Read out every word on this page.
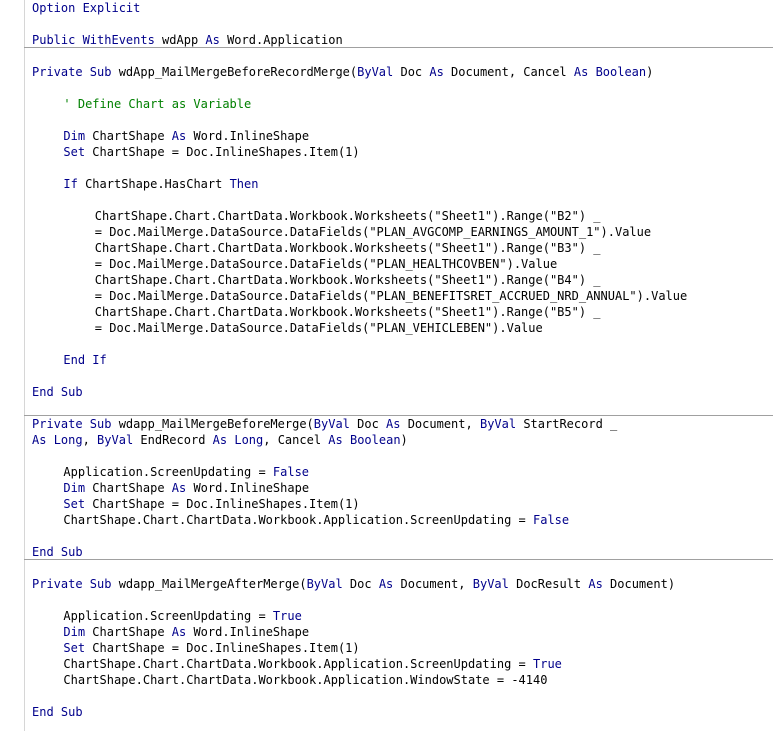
Option Explicit
Public WithEvents wdApp As Word.Application
Private Sub wdApp_MailMergeBeforeRecordMerge(ByVal Doc As Document, Cancel As Boolean)
' Define Chart as Variable
Dim ChartShape As Word.InlineShape
Set ChartShape = Doc.InlineShapes.Item(1)
If ChartShape.HasChart Then
ChartShape.Chart.ChartData.Workbook.Worksheets("Sheet1").Range("B2") _
= Doc.MailMerge.DataSource.DataFields("PLAN_AVGCOMP_EARNINGS_AMOUNT_1").Value
ChartShape.Chart.ChartData.Workbook.Worksheets("Sheet1").Range("B3") _
= Doc.MailMerge.DataSource.DataFields("PLAN_HEALTHCOVBEN").Value
ChartShape.Chart.ChartData.Workbook.Worksheets("Sheet1").Range("B4") _
= Doc.MailMerge.DataSource.DataFields("PLAN_BENEFITSRET_ACCRUED_NRD_ANNUAL").Value
ChartShape.Chart.ChartData.Workbook.Worksheets("Sheet1").Range("B5") _
= Doc.MailMerge.DataSource.DataFields("PLAN_VEHICLEBEN").Value
End If
End Sub
Private Sub wdapp_MailMergeBeforeMerge(ByVal Doc As Document, ByVal StartRecord _
As Long, ByVal EndRecord As Long, Cancel As Boolean)
Application.ScreenUpdating = False
Dim ChartShape As Word.InlineShape
Set ChartShape = Doc.InlineShapes.Item(1)
ChartShape.Chart.ChartData.Workbook.Application.ScreenUpdating = False
End Sub
Private Sub wdapp_MailMergeAfterMerge(ByVal Doc As Document, ByVal DocResult As Document)
Application.ScreenUpdating = True
Dim ChartShape As Word.InlineShape
Set ChartShape = Doc.InlineShapes.Item(1)
ChartShape.Chart.ChartData.Workbook.Application.ScreenUpdating = True
ChartShape.Chart.ChartData.Workbook.Application.WindowState = -4140
End Sub
